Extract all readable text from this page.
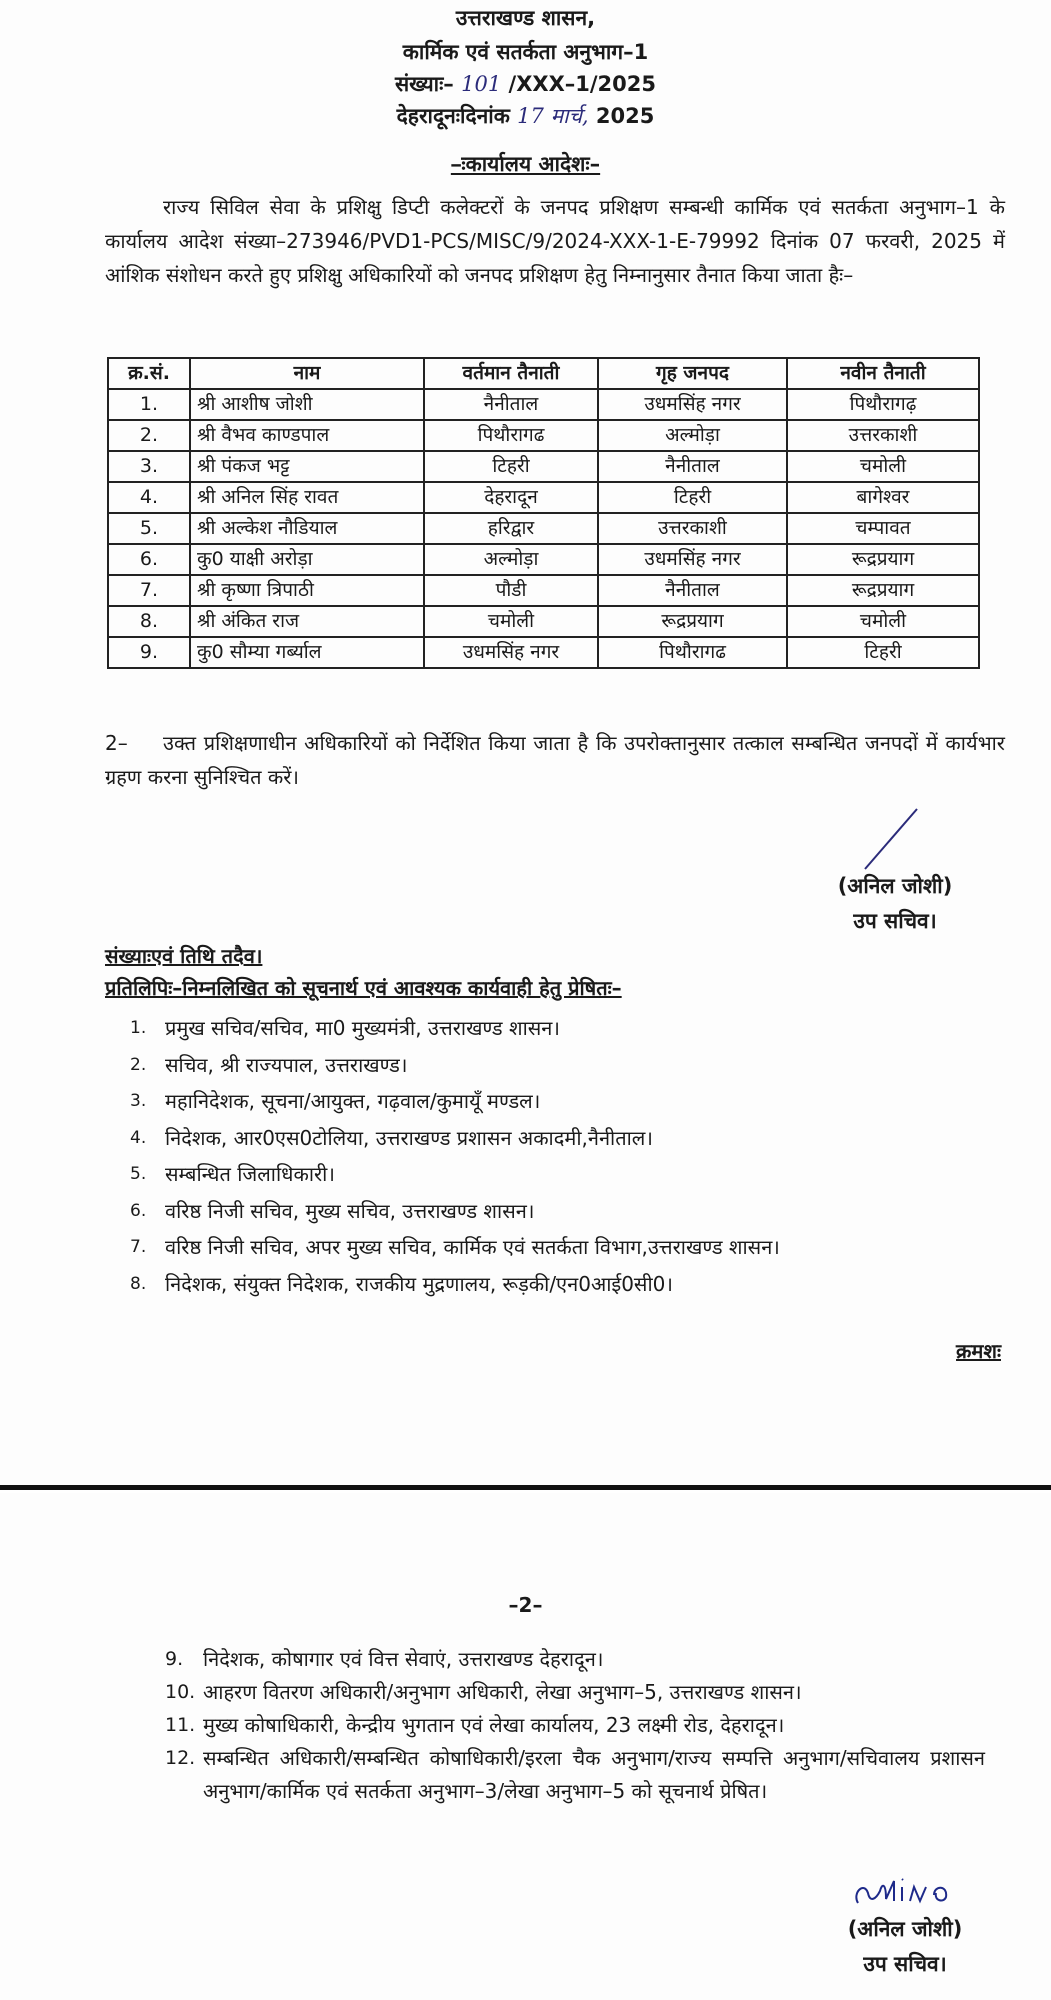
उत्तराखण्ड शासन,
कार्मिक एवं सतर्कता अनुभाग–1
संख्याः– 101 /XXX–1/2025
देहरादूनःदिनांक 17 मार्च, 2025
–ःकार्यालय आदेशः–
राज्य सिविल सेवा के प्रशिक्षु डिप्टी कलेक्टरों के जनपद प्रशिक्षण सम्बन्धी कार्मिक एवं सतर्कता अनुभाग–1 के कार्यालय आदेश संख्या–273946/PVD1-PCS/MISC/9/2024-XXX-1-E-79992 दिनांक 07 फरवरी, 2025 में आंशिक संशोधन करते हुए प्रशिक्षु अधिकारियों को जनपद प्रशिक्षण हेतु निम्नानुसार तैनात किया जाता हैः–
क्र.सं.	नाम	वर्तमान तैनाती	गृह जनपद	नवीन तैनाती
1.	श्री आशीष जोशी	नैनीताल	उधमसिंह नगर	पिथौरागढ़
2.	श्री वैभव काण्डपाल	पिथौरागढ	अल्मोड़ा	उत्तरकाशी
3.	श्री पंकज भट्ट	टिहरी	नैनीताल	चमोली
4.	श्री अनिल सिंह रावत	देहरादून	टिहरी	बागेश्वर
5.	श्री अल्केश नौडियाल	हरिद्वार	उत्तरकाशी	चम्पावत
6.	कु0 याक्षी अरोड़ा	अल्मोड़ा	उधमसिंह नगर	रूद्रप्रयाग
7.	श्री कृष्णा त्रिपाठी	पौडी	नैनीताल	रूद्रप्रयाग
8.	श्री अंकित राज	चमोली	रूद्रप्रयाग	चमोली
9.	कु0 सौम्या गर्ब्याल	उधमसिंह नगर	पिथौरागढ	टिहरी
2– उक्त प्रशिक्षणाधीन अधिकारियों को निर्देशित किया जाता है कि उपरोक्तानुसार तत्काल सम्बन्धित जनपदों में कार्यभार ग्रहण करना सुनिश्चित करें।
(अनिल जोशी)
उप सचिव।
संख्याःएवं तिथि तदैव।
प्रतिलिपिः–निम्नलिखित को सूचनार्थ एवं आवश्यक कार्यवाही हेतु प्रेषितः–
1. प्रमुख सचिव/सचिव, मा0 मुख्यमंत्री, उत्तराखण्ड शासन।
2. सचिव, श्री राज्यपाल, उत्तराखण्ड।
3. महानिदेशक, सूचना/आयुक्त, गढ़वाल/कुमायूँ मण्डल।
4. निदेशक, आर0एस0टोलिया, उत्तराखण्ड प्रशासन अकादमी,नैनीताल।
5. सम्बन्धित जिलाधिकारी।
6. वरिष्ठ निजी सचिव, मुख्य सचिव, उत्तराखण्ड शासन।
7. वरिष्ठ निजी सचिव, अपर मुख्य सचिव, कार्मिक एवं सतर्कता विभाग,उत्तराखण्ड शासन।
8. निदेशक, संयुक्त निदेशक, राजकीय मुद्रणालय, रूड़की/एन0आई0सी0।
क्रमशः
–2–
9. निदेशक, कोषागार एवं वित्त सेवाएं, उत्तराखण्ड देहरादून।
10. आहरण वितरण अधिकारी/अनुभाग अधिकारी, लेखा अनुभाग–5, उत्तराखण्ड शासन।
11. मुख्य कोषाधिकारी, केन्द्रीय भुगतान एवं लेखा कार्यालय, 23 लक्ष्मी रोड, देहरादून।
12. सम्बन्धित अधिकारी/सम्बन्धित कोषाधिकारी/इरला चैक अनुभाग/राज्य सम्पत्ति अनुभाग/सचिवालय प्रशासन अनुभाग/कार्मिक एवं सतर्कता अनुभाग–3/लेखा अनुभाग–5 को सूचनार्थ प्रेषित।
(अनिल जोशी)
उप सचिव।
